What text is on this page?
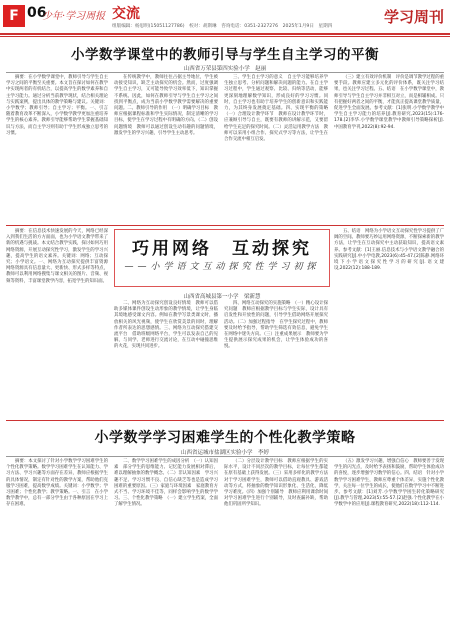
F 06
少年·学习周报 交流
组版编辑：杨思明(15051127786)　校对：胡斯琳　咨询电话：0351-2327276　2025年1月9日　星期四
学习周刊
小学数学课堂中的教师引导与学生自主学习的平衡
山西省万荣县第四实验小学　赵丽

摘要：在小学数学课堂中，教师引导与学生自主学习之间的平衡至关重要。本文旨在探讨如何在教学中实现两者的有机结合，以提高学生的数学素养和自主学习能力。通过分析当前教学现状，结合相关理论与实践案例，提出具体的教学策略与建议。关键词：小学数学；教师引导；自主学习；平衡。一、引言　随着教育改革不断深入，小学数学教学更加注重培养学生的核心素养。教师引导能够帮助学生掌握基础知识与方法，而自主学习则有助于学生形成独立思考的习惯。

在传统教学中，教师往往占据主导地位，学生被动接受知识，缺乏主动探究的机会。然而，过度强调学生自主学习，又可能导致学习效率低下，知识掌握不系统。因此，如何在教师引导与学生自主学习之间找到平衡点，成为当前小学数学教学需要解决的重要问题。二、教师引导的作用　（一）明确学习目标　教师应根据课程标准和学生实际情况，制定清晰的学习目标，使学生在学习过程中有明确的方向。（二）创设问题情境　教师可以通过创设生动有趣的问题情境，激发学生的学习兴趣，引导学生主动思考。

三、学生自主学习的意义　自主学习能够培养学生独立思考、分析问题和解决问题的能力。在自主学习过程中，学生通过观察、比较、归纳等活动，能够更深刻地理解数学知识，形成良好的学习习惯。同时，自主学习也有助于培养学生的创新意识和实践能力，为其终身发展奠定基础。四、实现平衡的策略　（一）合理设计教学环节　教师在设计教学环节时，应兼顾引导与自主，既要有教师的讲解示范，又要留给学生充足的探究时间。（二）灵活运用教学方法　教师可以采用小组合作、探究式学习等方法，让学生在合作交流中相互启发。

（三）建立有效评价机制　评价是调节教学过程的重要手段。教师应建立多元化的评价体系，既关注学习结果，也关注学习过程。五、结语　在小学数学课堂中，教师引导与学生自主学习并非相互对立，而是相辅相成。只有把握好两者之间的平衡，才能真正提高课堂教学质量，促进学生全面发展。参考文献：[1]张明.小学数学教学中学生自主学习能力的培养[J].教育研究,2023(15):176-178.[2]李华.小学数学课堂教学中教师引导策略探析[J].中国教育学刊,2022(8):92-94.

摘要：在信息技术快速发展的今天，网络已经深入到我们生活的方方面面，也为小学语文教学带来了新的机遇与挑战。本文结合教学实践，探讨如何巧用网络资源，开展互动探究性学习，激发学生的学习兴趣，提高学生的语文素养。关键词：网络；互动探究；小学语文。一、网络为互动探究提供丰富资源　网络资源具有信息量大、更新快、形式多样等特点，教师可以利用网络搜集与课文相关的图片、音频、视频等资料，丰富课堂教学内容，拓宽学生的知识面。

巧用网络　互动探究
——小学语文互动探究性学习初探
山西省高城县第一小学　梁新慧

二、网络为互动探究创设良好情境　教师可以借助多媒体课件创设生动形象的教学情境，让学生身临其境地感受课文内容。例如在教学写景类课文时，播放相关的风光视频，使学生在欣赏美景的同时，理解作者所表达的思想感情。三、网络为互动探究搭建交流平台　借助班级网络平台，学生可以发表自己的见解，与同学、老师进行交流讨论，在互动中碰撞思维的火花，实现共同进步。

四、网络互动探究的实施策略　（一）精心设计探究问题　教师应根据教学目标与学生实际，设计具有启发性和开放性的问题，引导学生借助网络开展探究活动。（二）加强过程指导　在学生探究过程中，教师要及时给予指导，帮助学生筛选有效信息，避免学生在网络中迷失方向。（三）注重成果展示　教师要为学生提供展示探究成果的机会，让学生体验成功的喜悦。

五、结语　网络为小学语文互动探究性学习提供了广阔的空间。教师要巧妙运用网络资源，不断探索新的教学方法，让学生在互动探究中主动获取知识，提高语文素养。参考文献：[1]王丽.信息技术与小学语文教学融合的实践研究[J].中小学电教,2023(6):45-47.[2]陈静.网络环境下小学语文探究性学习的研究[J].语文建设,2022(12):188-189.

小学数学学习困难学生的个性化教学策略
山西省运城市盐湖区实验小学　李婷

摘要：本文探讨了针对小学数学学习困难学生的个性化教学策略。数学学习困难学生在认知能力、学习方法、学习兴趣等方面存在差异，教师应根据学生的具体情况，制定有针对性的教学方案，帮助他们克服学习困难，提高数学成绩。关键词：小学数学；学习困难；个性化教学；教学策略。一、引言　在小学数学教学中，总有一部分学生由于各种原因在学习上存在困难。

二、数学学习困难学生的成因分析　（一）认知因素　部分学生的思维能力、记忆能力发展相对滞后，难以理解抽象的数学概念。（二）非认知因素　学习兴趣不足、学习习惯不良、自信心缺乏等也是造成学习困难的重要原因。（三）家庭与环境因素　家庭教育方式不当、学习环境不佳等，同样会影响学生的数学学习。三、个性化教学策略　（一）建立学生档案，全面了解学生情况。

（二）分层设计教学目标　教师应根据学生的实际水平，设计不同层次的教学目标，让每位学生都能在原有基础上获得发展。（三）采用多样化的教学方法　对于学习困难学生，教师可以借助直观教具、游戏活动等方式，将抽象的数学知识形象化、生活化，降低学习难度。（四）加强个别辅导　教师应利用课余时间对学习困难学生进行个别辅导，及时查漏补缺，帮助他们巩固所学知识。

（五）激发学习兴趣，增强自信心　教师要善于发现学生的闪光点，及时给予表扬和鼓励，帮助学生体验成功的喜悦，逐步增强学习数学的信心。四、结语　针对小学数学学习困难学生，教师应尊重个体差异，实施个性化教学，关注每一位学生的成长，使他们在数学学习中不断进步。参考文献：[1]刘芳.小学数学学困生转化策略研究[J].教学与管理,2023(5):55-57.[2]赵强.个性化教学在小学数学中的应用[J].课程教育研究,2022(18):112-114.
